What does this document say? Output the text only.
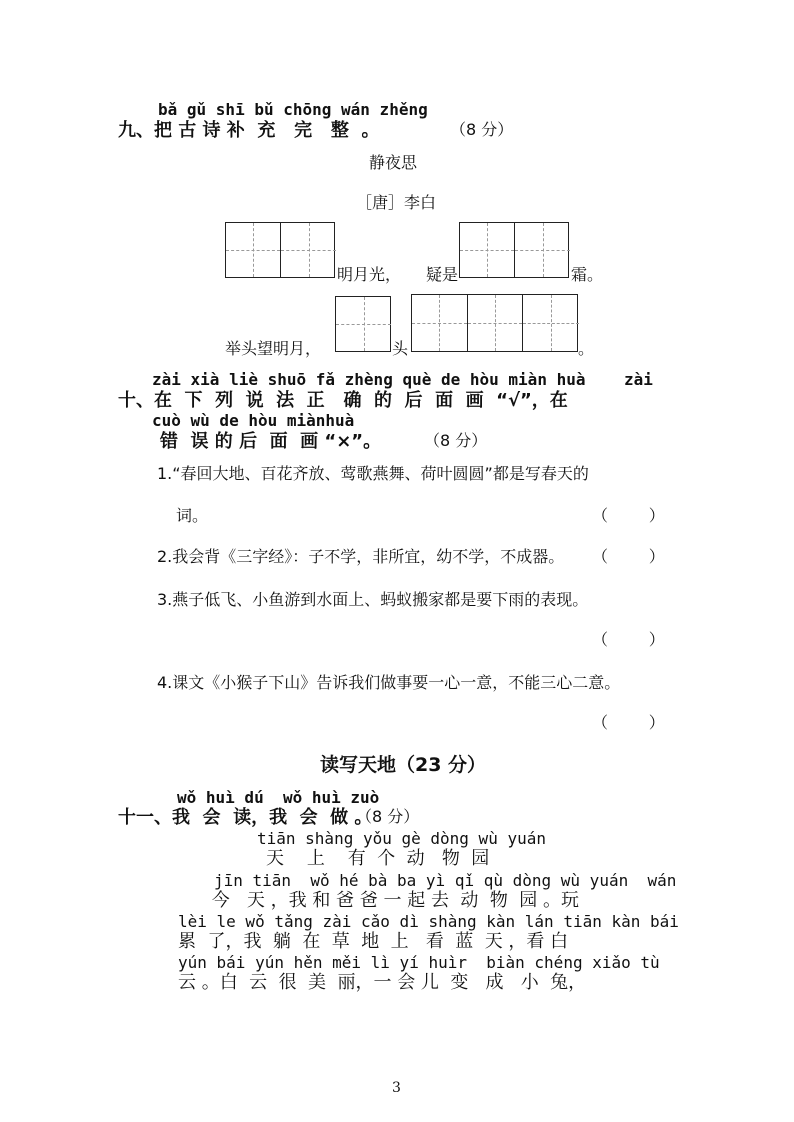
bǎ gǔ shī bǔ chōng wán zhěng
九、把 古 诗 补  充   完   整  。	（8 分）
静夜思
［唐］李白
明月光， 疑是	霜。
举头望明月，	头	。
zài xià liè shuō fǎ zhèng què de hòu miàn huà    zài
十、在  下  列  说  法  正   确  的  后  面  画  “√”，在
cuò wù de hòu miànhuà
错  误 的 后  面  画 “×”。	（8 分）
1.“春回大地、百花齐放、莺歌燕舞、荷叶圆圆”都是写春天的
词。	（        ）
2.我会背《三字经》：子不学，非所宜，幼不学，不成器。 （        ）
3.燕子低飞、小鱼游到水面上、蚂蚁搬家都是要下雨的表现。
（        ）
4.课文《小猴子下山》告诉我们做事要一心一意，不能三心二意。
（        ）
读写天地（23 分）
wǒ huì dú  wǒ huì zuò
十一、我  会  读，我  会  做 。
（8 分）
tiān shàng yǒu gè dòng wù yuán
天    上    有  个  动   物  园
jīn tiān  wǒ hé bà ba yì qǐ qù dòng wù yuán  wán
今   天 ，我 和 爸 爸 一 起 去  动  物  园 。玩
lèi le wǒ tǎng zài cǎo dì shàng kàn lán tiān kàn bái
累  了，我  躺  在  草  地  上   看  蓝  天 ，看 白
yún bái yún hěn měi lì yí huìr  biàn chéng xiǎo tù
云 。白  云  很  美  丽，一 会 儿  变   成   小  兔，
3
